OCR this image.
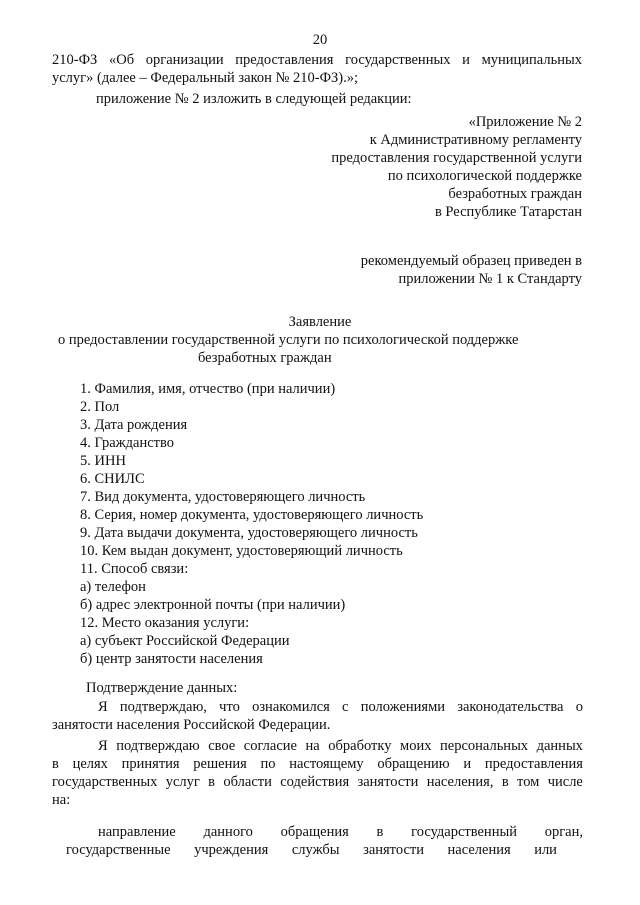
20
210-ФЗ «Об организации предоставления государственных и муниципальных
услуг» (далее – Федеральный закон № 210-ФЗ).»;
приложение № 2 изложить в следующей редакции:
«Приложение № 2
к Административному регламенту
предоставления государственной услуги
по психологической поддержке
безработных граждан
в Республике Татарстан
рекомендуемый образец приведен в
приложении № 1 к Стандарту
Заявление
о предоставлении государственной услуги по психологической поддержке
безработных граждан
1. Фамилия, имя, отчество (при наличии)
2. Пол
3. Дата рождения
4. Гражданство
5. ИНН
6. СНИЛС
7. Вид документа, удостоверяющего личность
8. Серия, номер документа, удостоверяющего личность
9. Дата выдачи документа, удостоверяющего личность
10. Кем выдан документ, удостоверяющий личность
11. Способ связи:
а) телефон
б) адрес электронной почты (при наличии)
12. Место оказания услуги:
а) субъект Российской Федерации
б) центр занятости населения
Подтверждение данных:
Я подтверждаю, что ознакомился с положениями законодательства о
занятости населения Российской Федерации.
Я подтверждаю свое согласие на обработку моих персональных данных
в целях принятия решения по настоящему обращению и предоставления
государственных услуг в области содействия занятости населения, в том числе
на:
направление данного обращения в государственный орган,
государственные учреждения службы занятости населения или
